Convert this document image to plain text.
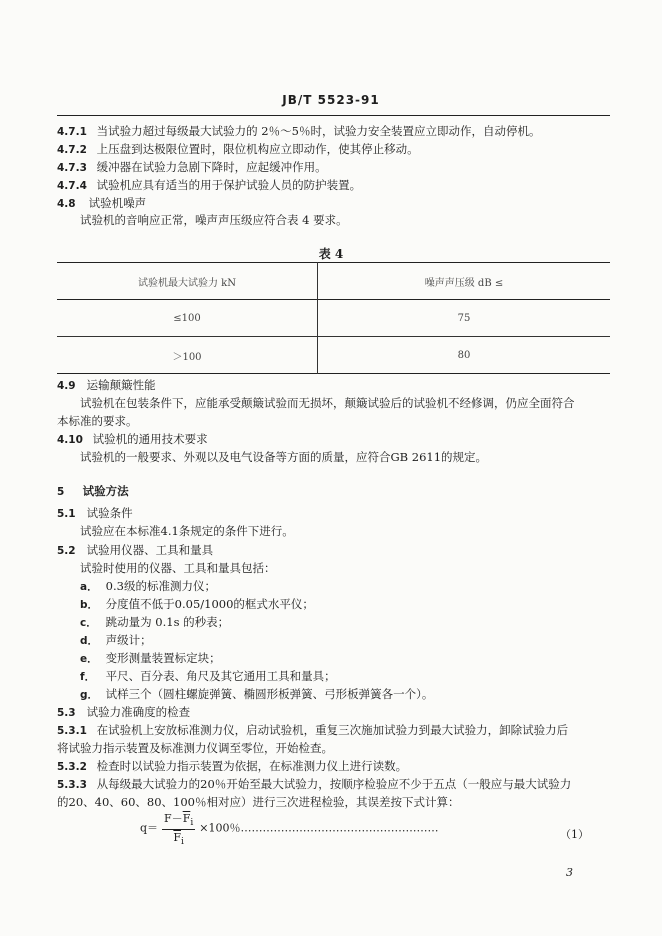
JB/T 5523-91
4.7.1 当试验力超过每级最大试验力的 2％～5％时，试验力安全装置应立即动作，自动停机。
4.7.2 上压盘到达极限位置时，限位机构应立即动作，使其停止移动。
4.7.3 缓冲器在试验力急剧下降时，应起缓冲作用。
4.7.4 试验机应具有适当的用于保护试验人员的防护装置。
4.8 试验机噪声
试验机的音响应正常，噪声声压级应符合表 4 要求。
表 4
试验机最大试验力 kN	噪声声压级 dB ≤
≤100	75
＞100	80
4.9 运输颠簸性能
试验机在包装条件下，应能承受颠簸试验而无损坏，颠簸试验后的试验机不经修调，仍应全面符合
本标准的要求。
4.10 试验机的通用技术要求
试验机的一般要求、外观以及电气设备等方面的质量，应符合GB 2611的规定。
5 试验方法
5.1 试验条件
试验应在本标准4.1条规定的条件下进行。
5.2 试验用仪器、工具和量具
试验时使用的仪器、工具和量具包括：
a． 0.3级的标准测力仪；
b． 分度值不低于0.05/1000的框式水平仪；
c． 跳动量为 0.1s 的秒表；
d． 声级计；
e． 变形测量装置标定块；
f． 平尺、百分表、角尺及其它通用工具和量具；
g． 试样三个（圆柱螺旋弹簧、椭圆形板弹簧、弓形板弹簧各一个）。
5.3 试验力准确度的检查
5.3.1 在试验机上安放标准测力仪，启动试验机，重复三次施加试验力到最大试验力，卸除试验力后
将试验力指示装置及标准测力仪调至零位，开始检查。
5.3.2 检查时以试验力指示装置为依据，在标准测力仪上进行读数。
5.3.3 从每级最大试验力的20％开始至最大试验力，按顺序检验应不少于五点（一般应与最大试验力
的20、40、60、80、100％相对应）进行三次进程检验，其误差按下式计算：
$q= \frac{F-\overline{F}_i}{\overline{F}_i} \times 100$％………………………………………………	（1）
3
